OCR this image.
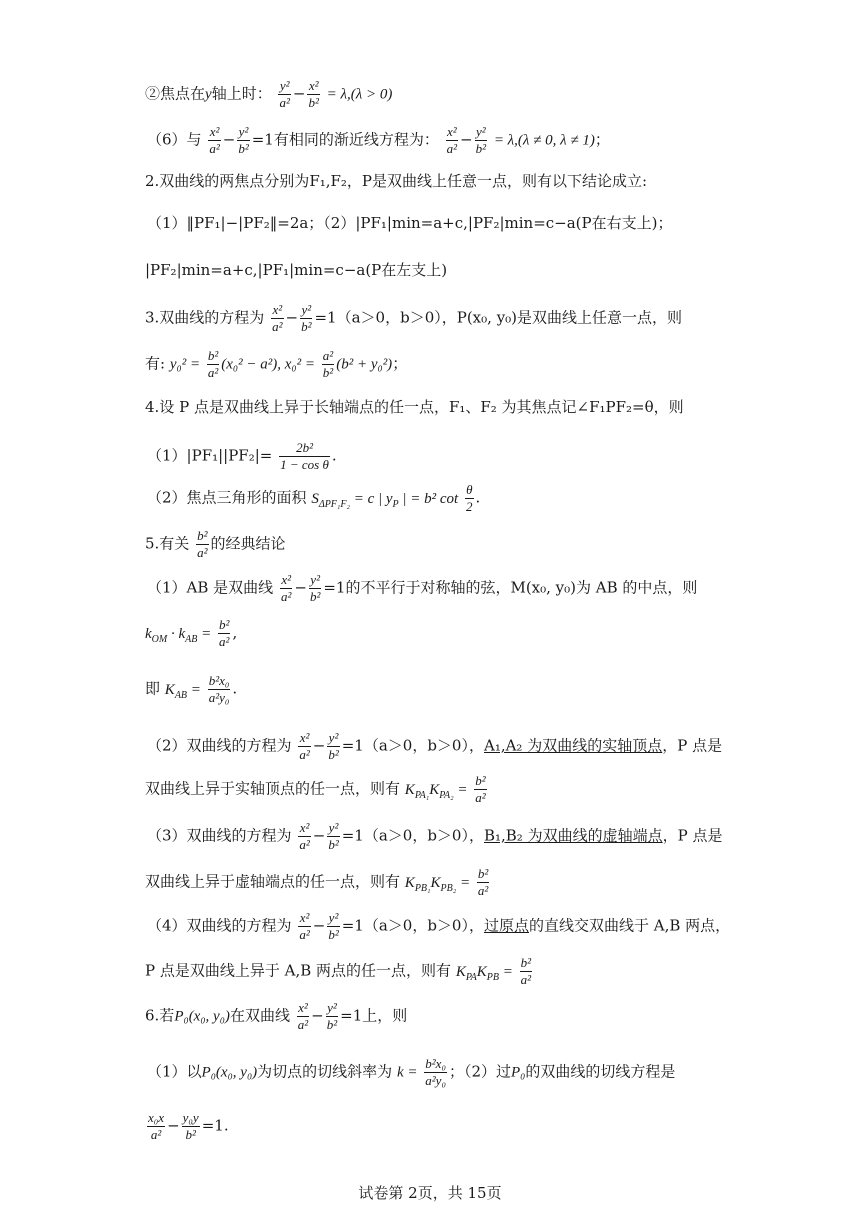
②焦点在y轴上时： $\frac{\text{y²}}{\text{a²}} - \frac{\text{x²}}{\text{b²}} = \lambda,(\lambda > 0)$
（6）与 $\frac{\text{x²}}{\text{a²}} - \frac{\text{y²}}{\text{b²}} =1$有相同的渐近线方程为： $\frac{\text{x²}}{\text{a²}} - \frac{\text{y²}}{\text{b²}} = \lambda,(\lambda \ne 0$, λ ≠ 1)；
2.双曲线的两焦点分别为F₁,F₂，P是双曲线上任意一点，则有以下结论成立:
（1）‖PF₁|−|PF₂‖=2a；（2）|PF₁|min=a+c,|PF₂|min=c−a(P在右支上)；
|PF₂|min=a+c,|PF₁|min=c−a(P在左支上)
3.双曲线的方程为 $\frac{\text{x²}}{\text{a²}} - \frac{\text{y²}}{\text{b²}} =1(a>0$，b＞0），P(x₀, y₀)是双曲线上任意一点，则
有: $y_0^2 = \frac{\text{b²}}{\text{a²}} (x_0^2 - a^2)$, $x_0^2 = \frac{\text{a²}}{\text{b²}} (b^2 + y_0^2)$；
4.设 P 点是双曲线上异于长轴端点的任一点，F₁、F₂ 为其焦点记∠F₁PF₂=θ，则
$(1)|PF_1||PF_2|= \frac{\text{2b²}}{\text{1 − cos θ}}$ .
（2）焦点三角形的面积 $S_{\Delta PF_1F_2} = c$ | $y_P$ | = b² $\cot \frac{\theta}{2}$ .
5.有关 $\frac{\text{b²}}{\text{a²}}$ 的经典结论
（1）AB 是双曲线 $\frac{\text{x²}}{\text{a²}} - \frac{\text{y²}}{\text{b²}} =1$的不平行于对称轴的弦，M(x₀, y₀)为 AB 的中点，则
$k_{OM} \cdot k_{AB} = \frac{\text{b²}}{\text{a²}}$ ,
即 $K_{AB} = \frac{\text{b²x₀}}{\text{a²y₀}}$ .
（2）双曲线的方程为 $\frac{\text{x²}}{\text{a²}} - \frac{\text{y²}}{\text{b²}} =1(a>0$，b＞0），A₁,A₂ 为双曲线的实轴顶点，P 点是
双曲线上异于实轴顶点的任一点，则有 $K_{PA_1}K_{PA_2} = \frac{\text{b²}}{\text{a²}}$
（3）双曲线的方程为 $\frac{\text{x²}}{\text{a²}} - \frac{\text{y²}}{\text{b²}} =1(a>0$，b＞0），B₁,B₂ 为双曲线的虚轴端点，P 点是
双曲线上异于虚轴端点的任一点，则有 $K_{PB_1}K_{PB_2} = \frac{\text{b²}}{\text{a²}}$
（4）双曲线的方程为 $\frac{\text{x²}}{\text{a²}} - \frac{\text{y²}}{\text{b²}} =1(a>0$，b＞0），过原点的直线交双曲线于 A,B 两点，
P 点是双曲线上异于 A,B 两点的任一点，则有 $K_{PA}K_{PB} = \frac{\text{b²}}{\text{a²}}$
6.若P₀(x₀, y₀)在双曲线 $\frac{\text{x²}}{\text{a²}} - \frac{\text{y²}}{\text{b²}} =1$上，则
（1）以P₀(x₀, y₀)为切点的切线斜率为 $k = \frac{\text{b²x₀}}{\text{a²y₀}}$ ；（2）过P₀的双曲线的切线方程是
$\frac{\text{x₀x}}{\text{a²}} - \frac{\text{y₀y}}{\text{b²}} =1$.
试卷第 2页，共 15页
